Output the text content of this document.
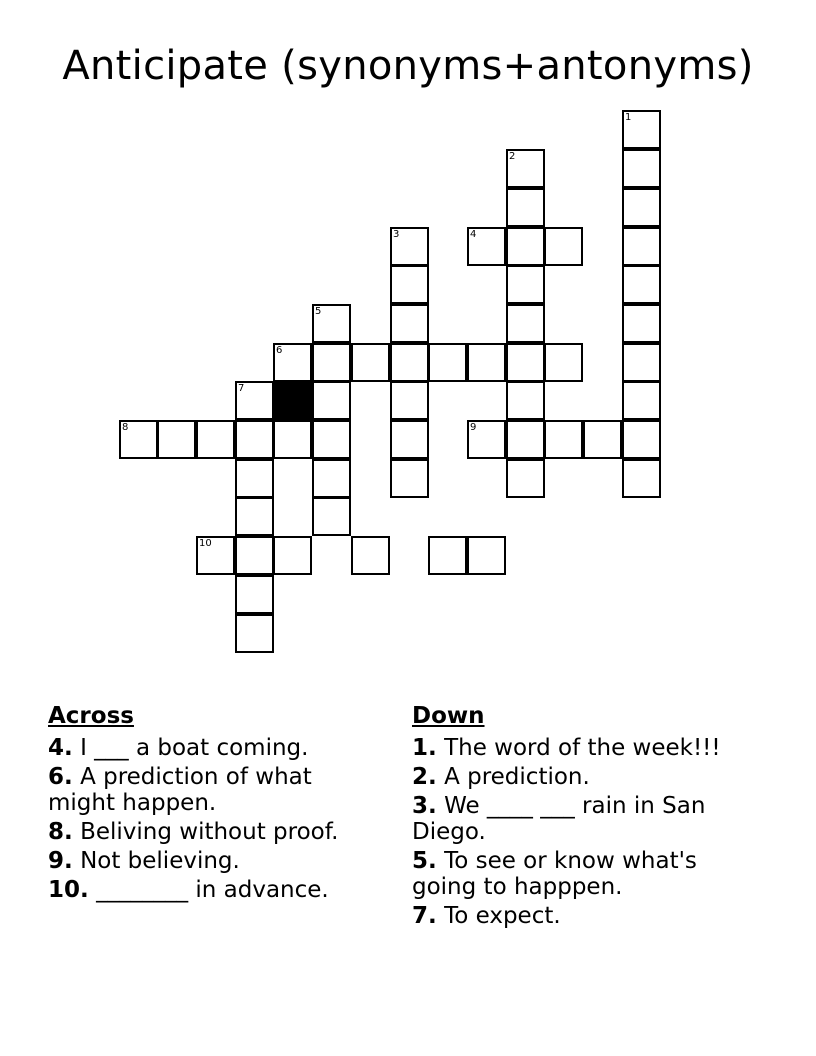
Anticipate (synonyms+antonyms)
1
2
3	4
5
6
7
8	9
10
Across
4. I ___ a boat coming.
6. A prediction of what might happen.
8. Beliving without proof.
9. Not believing.
10. ________ in advance.
Down
1. The word of the week!!!
2. A prediction.
3. We ____ ___ rain in San Diego.
5. To see or know what's going to happpen.
7. To expect.
